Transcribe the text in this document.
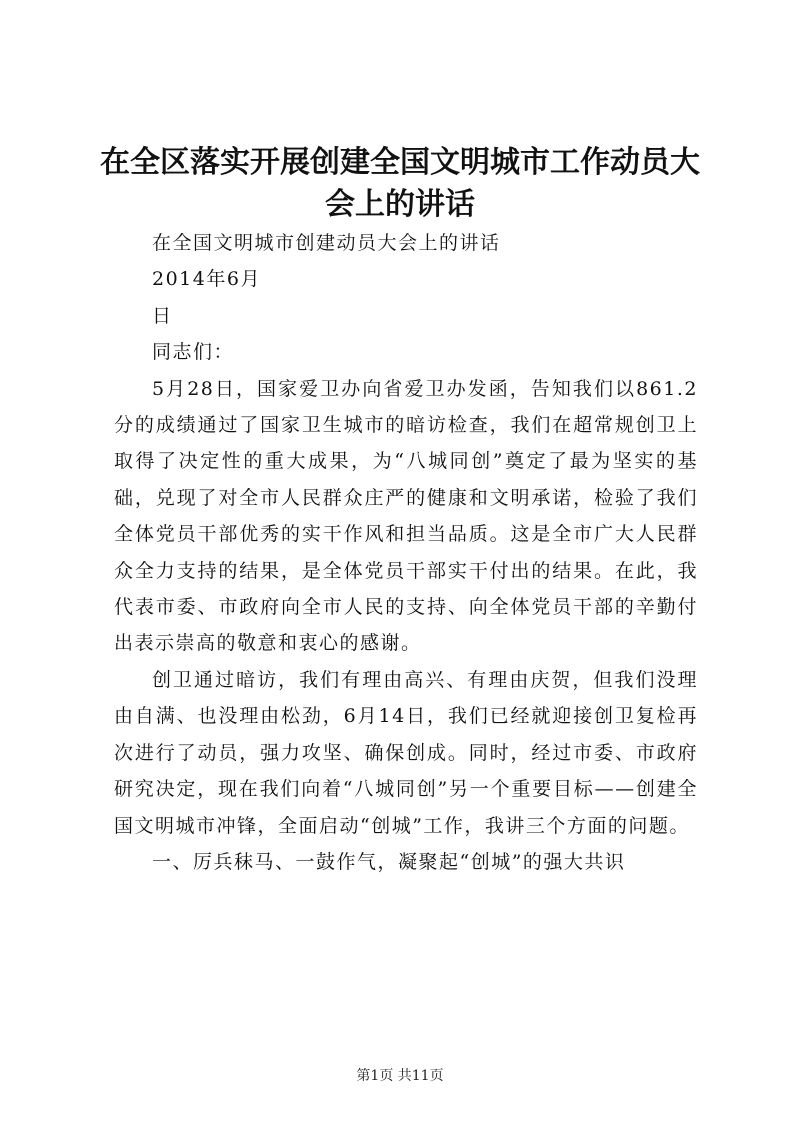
在全区落实开展创建全国文明城市工作动员大会上的讲话

在全国文明城市创建动员大会上的讲话

2014年6月

日

同志们：

5月28日，国家爱卫办向省爱卫办发函，告知我们以861.2分的成绩通过了国家卫生城市的暗访检查，我们在超常规创卫上取得了决定性的重大成果，为“八城同创”奠定了最为坚实的基础，兑现了对全市人民群众庄严的健康和文明承诺，检验了我们全体党员干部优秀的实干作风和担当品质。这是全市广大人民群众全力支持的结果，是全体党员干部实干付出的结果。在此，我代表市委、市政府向全市人民的支持、向全体党员干部的辛勤付出表示崇高的敬意和衷心的感谢。

创卫通过暗访，我们有理由高兴、有理由庆贺，但我们没理由自满、也没理由松劲，6月14日，我们已经就迎接创卫复检再次进行了动员，强力攻坚、确保创成。同时，经过市委、市政府研究决定，现在我们向着“八城同创”另一个重要目标——创建全国文明城市冲锋，全面启动“创城”工作，我讲三个方面的问题。

一、厉兵秣马、一鼓作气，凝聚起“创城”的强大共识

第1页 共11页
